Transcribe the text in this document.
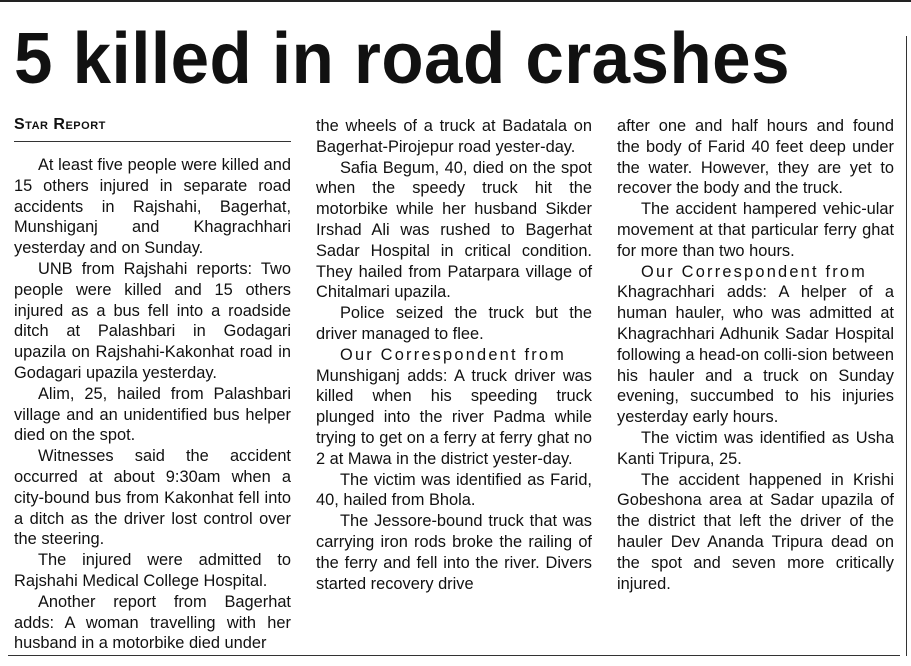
5 killed in road crashes
Star Report

At least five people were killed and 15 others injured in separate road accidents in Rajshahi, Bagerhat, Munshiganj and Khagrachhari yesterday and on Sunday.

UNB from Rajshahi reports: Two people were killed and 15 others injured as a bus fell into a roadside ditch at Palashbari in Godagari upazila on Rajshahi-Kakonhat road in Godagari upazila yesterday.

Alim, 25, hailed from Palashbari village and an unidentified bus helper died on the spot.

Witnesses said the accident occurred at about 9:30am when a city-bound bus from Kakonhat fell into a ditch as the driver lost control over the steering.

The injured were admitted to Rajshahi Medical College Hospital.

Another report from Bagerhat adds: A woman travelling with her husband in a motorbike died under

the wheels of a truck at Badatala on Bagerhat-Pirojepur road yester-day.

Safia Begum, 40, died on the spot when the speedy truck hit the motorbike while her husband Sikder Irshad Ali was rushed to Bagerhat Sadar Hospital in critical condition. They hailed from Patarpara village of Chitalmari upazila.

Police seized the truck but the driver managed to flee.

Our Correspondent from

Munshiganj adds: A truck driver was killed when his speeding truck plunged into the river Padma while trying to get on a ferry at ferry ghat no 2 at Mawa in the district yester-day.

The victim was identified as Farid, 40, hailed from Bhola.

The Jessore-bound truck that was carrying iron rods broke the railing of the ferry and fell into the river. Divers started recovery drive

after one and half hours and found the body of Farid 40 feet deep under the water. However, they are yet to recover the body and the truck.

The accident hampered vehic-ular movement at that particular ferry ghat for more than two hours.

Our Correspondent from

Khagrachhari adds: A helper of a human hauler, who was admitted at Khagrachhari Adhunik Sadar Hospital following a head-on colli-sion between his hauler and a truck on Sunday evening, succumbed to his injuries yesterday early hours.

The victim was identified as Usha Kanti Tripura, 25.

The accident happened in Krishi Gobeshona area at Sadar upazila of the district that left the driver of the hauler Dev Ananda Tripura dead on the spot and seven more critically injured.
